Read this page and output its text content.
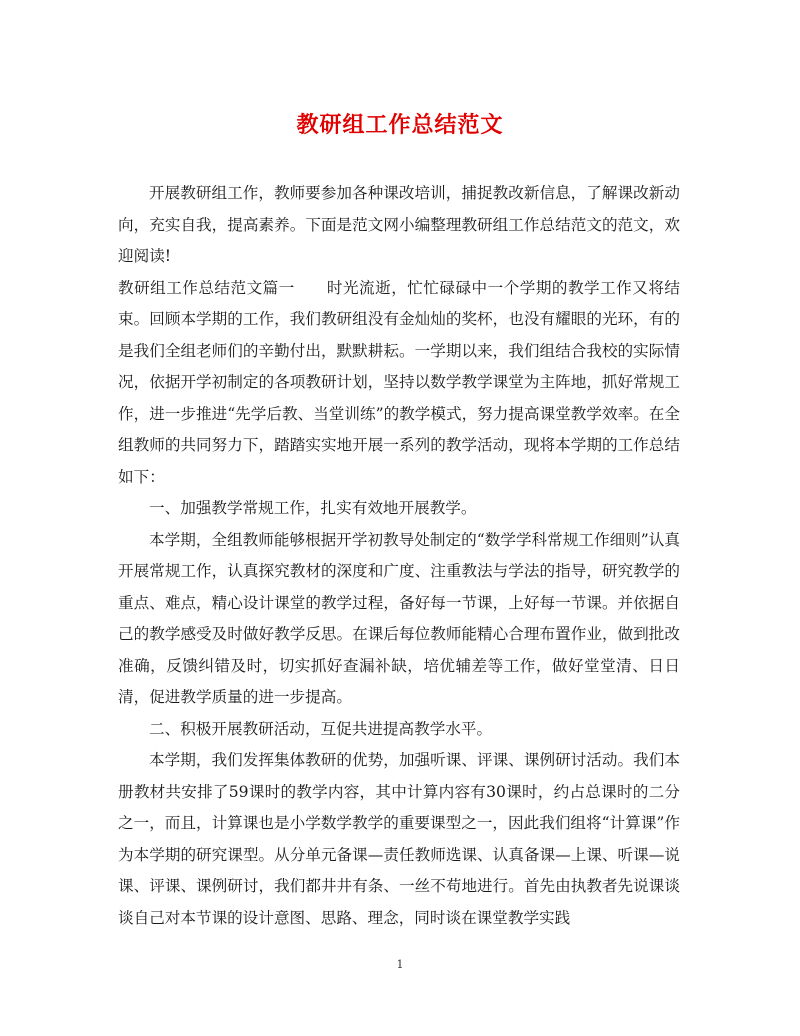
教研组工作总结范文

开展教研组工作，教师要参加各种课改培训，捕捉教改新信息，了解课改新动向，充实自我，提高素养。下面是范文网小编整理教研组工作总结范文的范文，欢迎阅读!

教研组工作总结范文篇一　　时光流逝，忙忙碌碌中一个学期的教学工作又将结束。回顾本学期的工作，我们教研组没有金灿灿的奖杯，也没有耀眼的光环，有的是我们全组老师们的辛勤付出，默默耕耘。一学期以来，我们组结合我校的实际情况，依据开学初制定的各项教研计划，坚持以数学教学课堂为主阵地，抓好常规工作，进一步推进“先学后教、当堂训练”的教学模式，努力提高课堂教学效率。在全组教师的共同努力下，踏踏实实地开展一系列的教学活动，现将本学期的工作总结如下：

一、加强教学常规工作，扎实有效地开展教学。

本学期，全组教师能够根据开学初教导处制定的“数学学科常规工作细则”认真开展常规工作，认真探究教材的深度和广度、注重教法与学法的指导，研究教学的重点、难点，精心设计课堂的教学过程，备好每一节课，上好每一节课。并依据自己的教学感受及时做好教学反思。在课后每位教师能精心合理布置作业，做到批改准确，反馈纠错及时，切实抓好查漏补缺，培优辅差等工作，做好堂堂清、日日清，促进教学质量的进一步提高。

二、积极开展教研活动，互促共进提高教学水平。

本学期，我们发挥集体教研的优势，加强听课、评课、课例研讨活动。我们本册教材共安排了59课时的教学内容，其中计算内容有30课时，约占总课时的二分之一，而且，计算课也是小学数学教学的重要课型之一，因此我们组将“计算课”作为本学期的研究课型。从分单元备课—责任教师选课、认真备课—上课、听课—说课、评课、课例研讨，我们都井井有条、一丝不苟地进行。首先由执教者先说课谈谈自己对本节课的设计意图、思路、理念，同时谈在课堂教学实践

1
